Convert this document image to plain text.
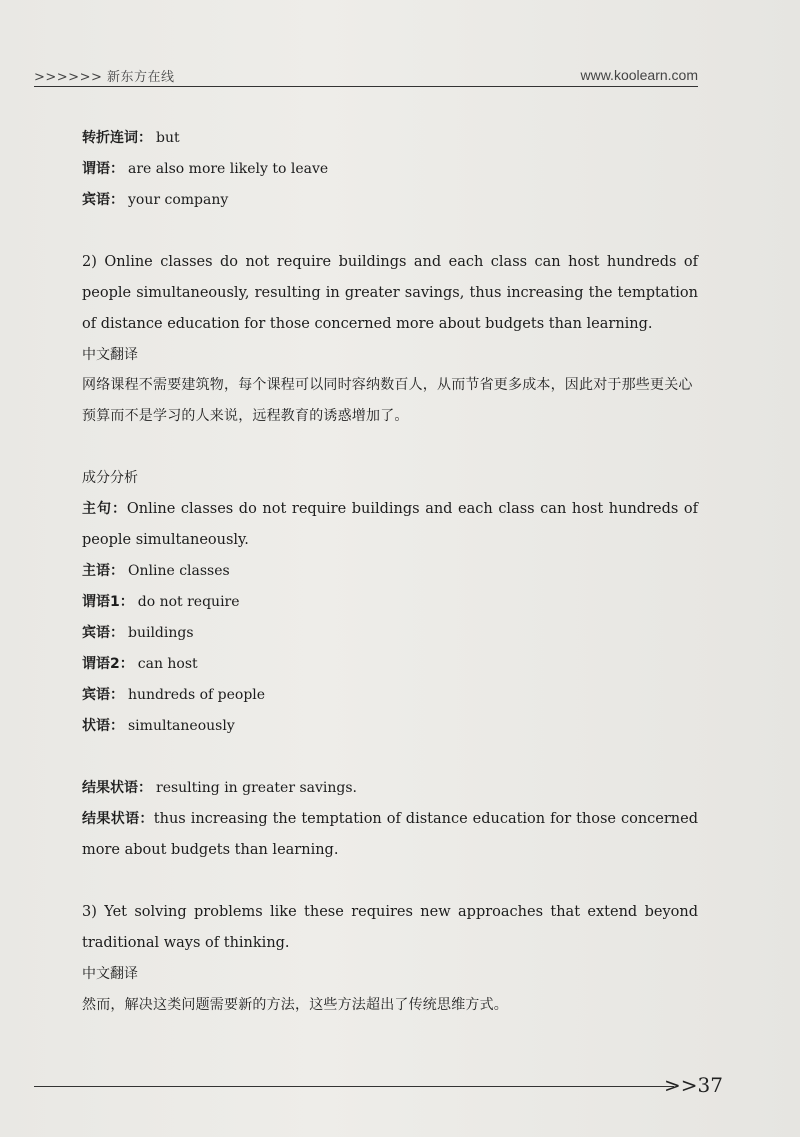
>>>>>> 新东方在线	www.koolearn.com
转折连词： but
谓语： are also more likely to leave
宾语： your company
2) Online classes do not require buildings and each class can host hundreds of people simultaneously, resulting in greater savings, thus increasing the temptation of distance education for those concerned more about budgets than learning.
中文翻译
网络课程不需要建筑物，每个课程可以同时容纳数百人，从而节省更多成本，因此对于那些更关心预算而不是学习的人来说，远程教育的诱惑增加了。
成分分析
主句：Online classes do not require buildings and each class can host hundreds of people simultaneously.
主语： Online classes
谓语1： do not require
宾语： buildings
谓语2： can host
宾语： hundreds of people
状语： simultaneously
结果状语： resulting in greater savings.
结果状语：thus increasing the temptation of distance education for those concerned more about budgets than learning.
3) Yet solving problems like these requires new approaches that extend beyond traditional ways of thinking.
中文翻译
然而，解决这类问题需要新的方法，这些方法超出了传统思维方式。
>>37
